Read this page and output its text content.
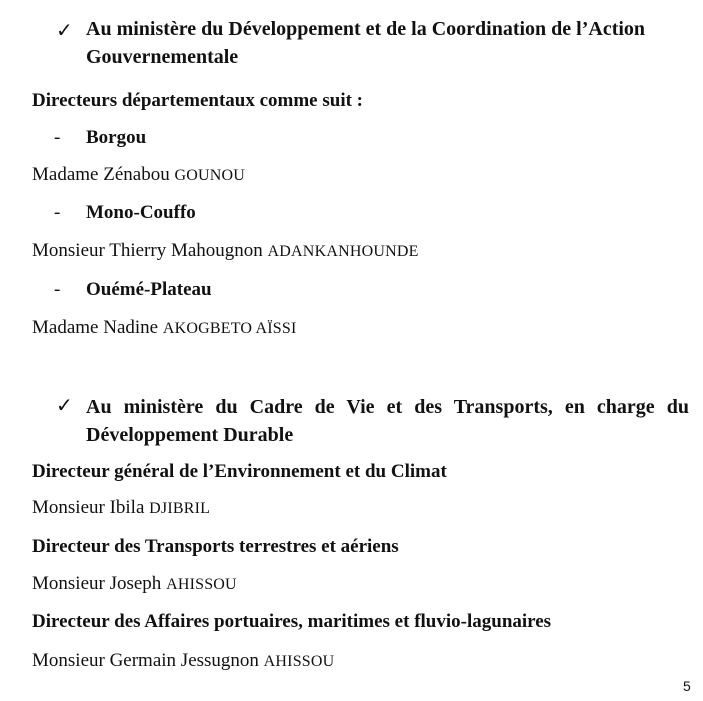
✓ Au ministère du Développement et de la Coordination de l’Action
Gouvernementale
Directeurs départementaux comme suit :
- Borgou
Madame Zénabou GOUNOU
- Mono-Couffo
Monsieur Thierry Mahougnon ADANKANHOUNDE
- Ouémé-Plateau
Madame Nadine AKOGBETO AÏSSI
✓ Au ministère du Cadre de Vie et des Transports, en charge du Développement Durable
Directeur général de l’Environnement et du Climat
Monsieur Ibila DJIBRIL
Directeur des Transports terrestres et aériens
Monsieur Joseph AHISSOU
Directeur des Affaires portuaires, maritimes et fluvio-lagunaires
Monsieur Germain Jessugnon AHISSOU
5
